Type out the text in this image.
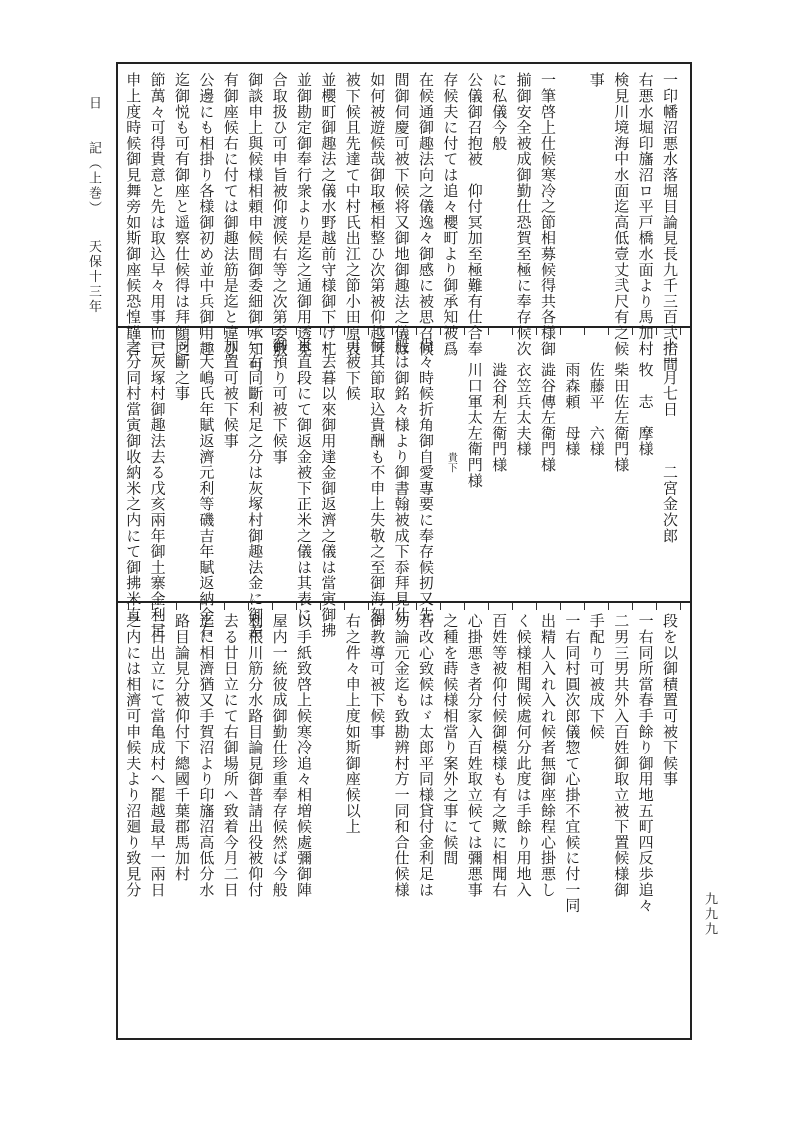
日　　記（上巻）　　天保十三年
九九九
一印幡沼悪水落堀目論見長九千三百弐拾間
右悪水堀印旛沼ロ平戸橋水面より馬加村
検見川境海中水面迄高低壹丈弐尺有之候
事
一筆啓上仕候寒冷之節相募候得共各様御
揃御安全被成御勤仕恐賀至極に奉存候次
に私儀今般
公儀御召抱被　仰付冥加至極難有仕合奉
存候夫に付ては追々櫻町より御承知被爲
在候通御趣法向之儀逸々御感に被思召候
間御伺慶可被下候将又御地御趣法之儀は
如何被遊候哉御取極相整ひ次第被仰越可
被下候且先達て中村氏出江之節小田原表
並櫻町御趣法之儀水野越前守様御下げ札
並御勘定御奉行衆より是迄之通御用透見
合取扱ひ可申旨被仰渡候右等之次第委敷
御談申上與候様相頼申候間御委細御承知可
有御座候右に付ては御趣法筋是迄と違ひ
公邊にも相掛り各様御初め並中兵御用趣
迄御悦も可有御座と遥察仕候得は拜顔之
節萬々可得貴意と先は取込早々用事而已
申上度時候御見舞旁如斯御座候恐惶謹言
十一月七日　　　二宮金次郎
牧　志　摩様
柴田佐左衛門様
佐藤平　六様
雨森頼　母様
澁谷傳左衛門様
衣笠兵太夫様
澁谷利左衛門様
川口軍太左衛門様
貴下
尙々時候折角御自愛專要に奉存候扨又先
般は御銘々様より御書翰被成下忝拜見仕
候其節取込貴酬も不申上失敬之至御海恕
可被下候
一去暮以來御用達金御返濟之儀は當寅御拂
米直段にて御返金被下正米之儀は其表に
御預り可被下候事
一右同斷利足之分は灰塚村御趣法金に御差
加置可被下候事
一大嶋氏年賦返濟元利等磯吉年賦返納金右
同斷之事
一灰塚村御趣法去る戊亥兩年御土寨金利足
之分同村當寅御收納米之内にて御拂米直
段を以御積置可被下候事
一右同所當春手餘り御用地五町四反歩追々
二男三男共外入百姓御取立被下置候様御
手配り可被成下候
一右同村圓次郎儀惣て心掛不宜候に付一同
出精人入れ入れ候者無御座餘程心掛悪し
く候様相聞候處何分此度は手餘り用地入
百姓等被仰付候御模様も有之歟に相聞右
心掛悪き者分家入百姓取立候ては彌悪事
之種を蒔候様相當り案外之事に候間
若改心致候はゞ太郎平同様貸付金利足は
勿論元金迄も致勘辨村方一同和合仕候様
御教導可被下候事
右之件々申上度如斯御座候以上
以手紙致啓上候寒冷追々相増候處彌御陣
屋内一統彼成御勤仕珍重奉存候然ば今般
利根川筋分水路目論見御普請出役被仰付
去る廿日立にて右御場所へ致着今月二日
迄に相濟猶又手賀沼より印旛沼高低分水
路目論見分被仰付下總國千葉郡馬加村
三日出立にて當亀成村へ罷越最早一兩日
之内には相濟可申候夫より沼廻り致見分
